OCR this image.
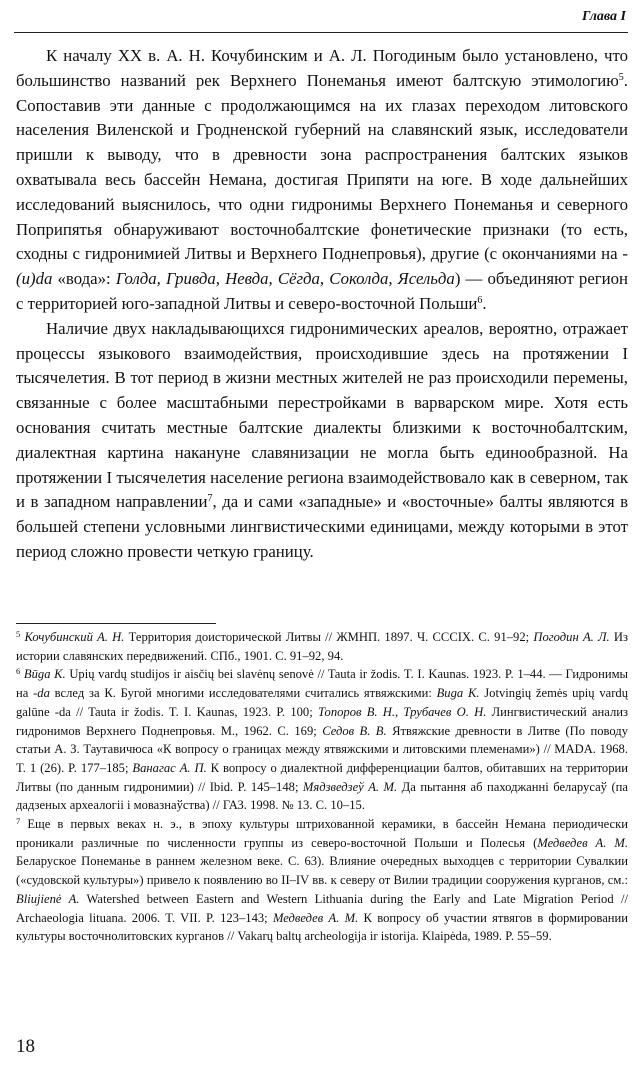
Глава I

К началу XX в. А. Н. Кочубинским и А. Л. Погодиным было установлено, что большинство названий рек Верхнего Понеманья имеют балтскую этимологию$^5$. Сопоставив эти данные с продолжающимся на их глазах переходом литовского населения Виленской и Гродненской губерний на славянский язык, исследователи пришли к выводу, что в древности зона распространения балтских языков охватывала весь бассейн Немана, достигая Припяти на юге. В ходе дальнейших исследований выяснилось, что одни гидронимы Верхнего Понеманья и северного Поприпятья обнаруживают восточнобалтские фонетические признаки (то есть, сходны с гидронимией Литвы и Верхнего Поднепровья), другие (с окончаниями на -(и)da «вода»: Голда, Гривда, Невда, Сёгда, Соколда, Ясельда) — объединяют регион с территорией юго-западной Литвы и северо-восточной Польши$^6$.

Наличие двух накладывающихся гидронимических ареалов, вероятно, отражает процессы языкового взаимодействия, происходившие здесь на протяжении I тысячелетия. В тот период в жизни местных жителей не раз происходили перемены, связанные с более масштабными перестройками в варварском мире. Хотя есть основания считать местные балтские диалекты близкими к восточнобалтским, диалектная картина накануне славянизации не могла быть единообразной. На протяжении I тысячелетия население региона взаимодействовало как в северном, так и в западном направлении$^7$, да и сами «западные» и «восточные» балты являются в большей степени условными лингвистическими единицами, между которыми в этот период сложно провести четкую границу.

$^5$ Кочубинский А. Н. Территория доисторической Литвы // ЖМНП. 1897. Ч. CCCIX. С. 91–92; Погодин А. Л. Из истории славянских передвижений. СПб., 1901. С. 91–92, 94.

$^6$ Būga K. Upių vardų studijos ir aisčių bei slavėnų senovė // Tauta ir žodis. T. I. Kaunas. 1923. P. 1–44. — Гидронимы на -da вслед за К. Бугой многими исследователями считались ятвяжскими: Buga K. Jotvingių žemės upių vardų galūne -da // Tauta ir žodis. T. I. Kaunas, 1923. P. 100; Топоров В. Н., Трубачев О. Н. Лингвистический анализ гидронимов Верхнего Поднепровья. М., 1962. С. 169; Седов В. В. Ятвяжские древности в Литве (По поводу статьи А. З. Таутавичюса «К вопросу о границах между ятвяжскими и литовскими племенами») // MADA. 1968. T. 1 (26). P. 177–185; Ванагас А. П. К вопросу о диалектной дифференциации балтов, обитавших на территории Литвы (по данным гидронимии) // Ibid. P. 145–148; Мядзведзеў А. М. Да пытання аб паходжанні беларусаў (па дадзеных археалогіі і мовазнаўства) // ГАЗ. 1998. № 13. С. 10–15.

$^7$ Еще в первых веках н. э., в эпоху культуры штрихованной керамики, в бассейн Немана периодически проникали различные по численности группы из северо-восточной Польши и Полесья (Медведев А. М. Беларуское Понеманье в раннем железном веке. С. 63). Влияние очередных выходцев с территории Сувалкии («судовской культуры») привело к появлению во II–IV вв. к северу от Вилии традиции сооружения курганов, см.: Bliujienė A. Watershed between Eastern and Western Lithuania during the Early and Late Migration Period // Archaeologia lituana. 2006. T. VII. P. 123–143; Медведев А. М. К вопросу об участии ятвягов в формировании культуры восточнолитовских курганов // Vakarų baltų archeologija ir istorija. Klaipėda, 1989. P. 55–59.

18
